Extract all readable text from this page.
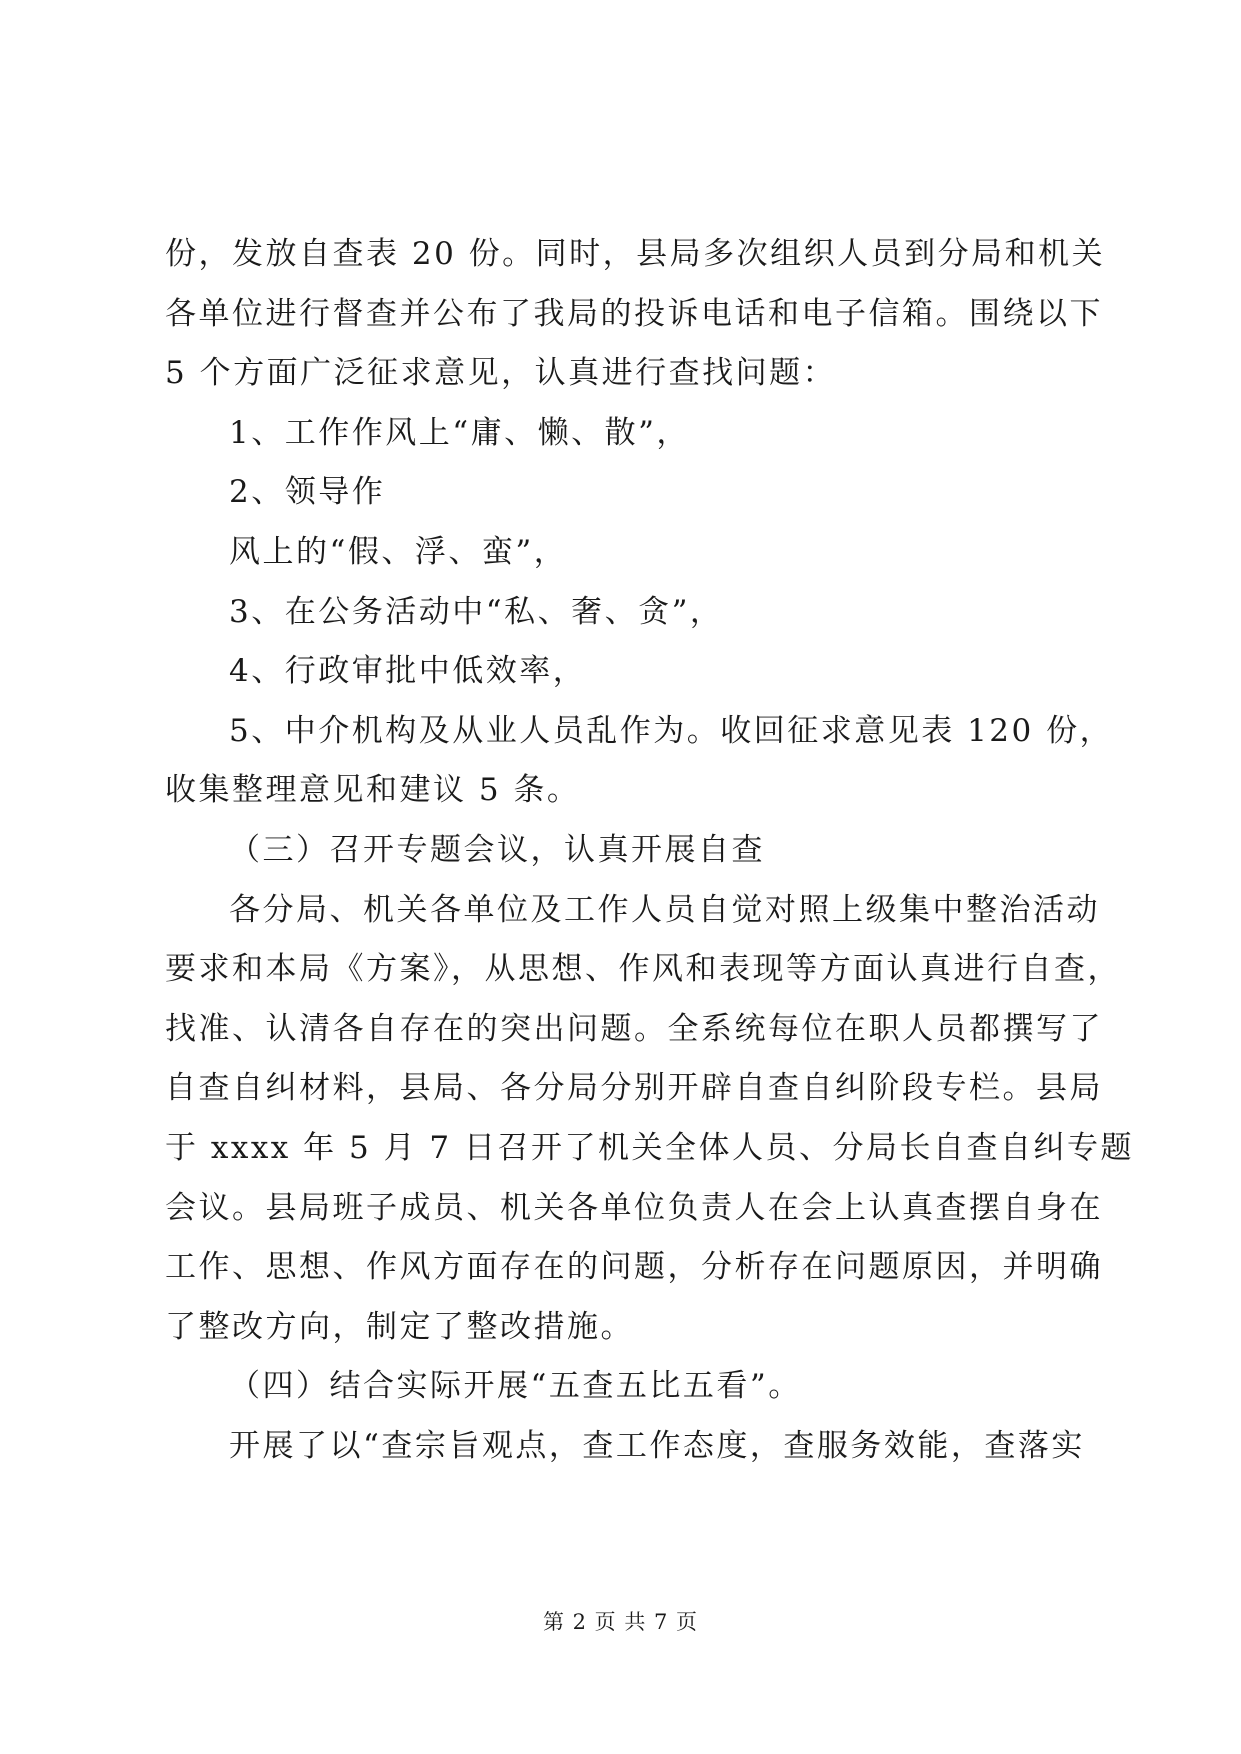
份，发放自查表 20 份。同时，县局多次组织人员到分局和机关
各单位进行督查并公布了我局的投诉电话和电子信箱。围绕以下
5 个方面广泛征求意见，认真进行查找问题：
1、工作作风上“庸、懒、散”，
2、领导作
风上的“假、浮、蛮”，
3、在公务活动中“私、奢、贪”，
4、行政审批中低效率，
5、中介机构及从业人员乱作为。收回征求意见表 120 份，
收集整理意见和建议 5 条。
（三）召开专题会议，认真开展自查
各分局、机关各单位及工作人员自觉对照上级集中整治活动
要求和本局《方案》，从思想、作风和表现等方面认真进行自查，
找准、认清各自存在的突出问题。全系统每位在职人员都撰写了
自查自纠材料，县局、各分局分别开辟自查自纠阶段专栏。县局
于 xxxx 年 5 月 7 日召开了机关全体人员、分局长自查自纠专题
会议。县局班子成员、机关各单位负责人在会上认真查摆自身在
工作、思想、作风方面存在的问题，分析存在问题原因，并明确
了整改方向，制定了整改措施。
（四）结合实际开展“五查五比五看”。
开展了以“查宗旨观点，查工作态度，查服务效能，查落实
第 2 页 共 7 页
